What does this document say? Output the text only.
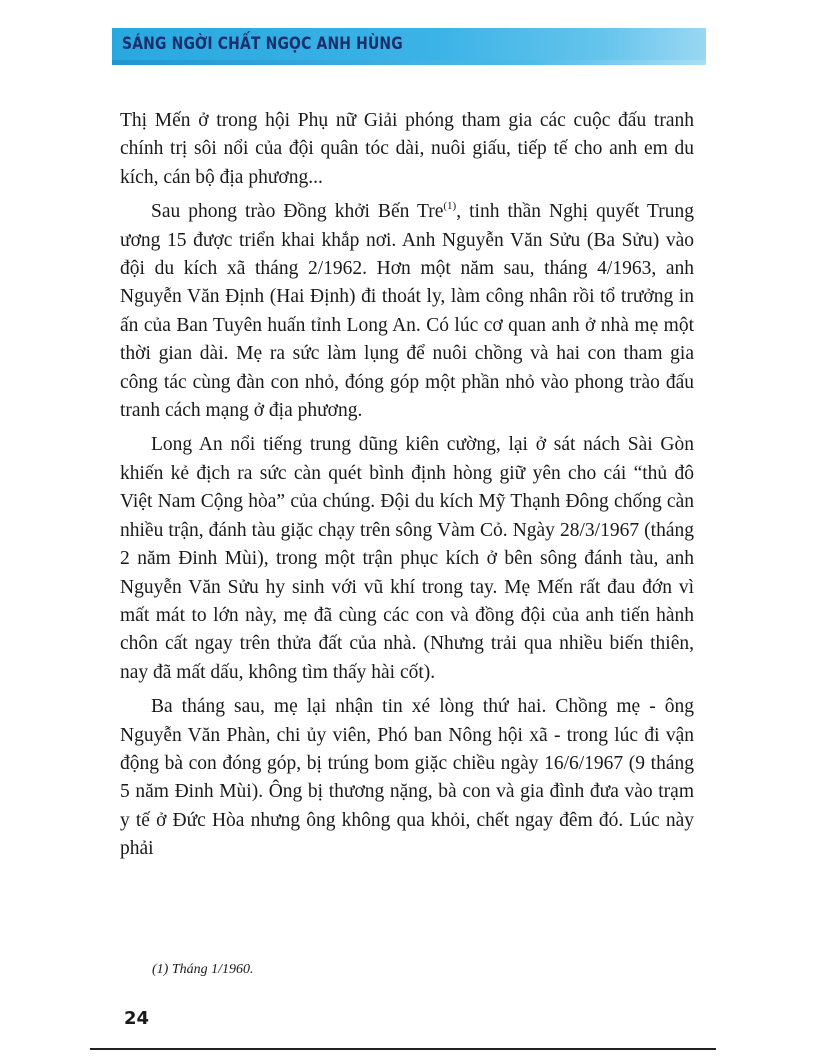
SÁNG NGỜI CHẤT NGỌC ANH HÙNG

Thị Mến ở trong hội Phụ nữ Giải phóng tham gia các cuộc đấu tranh chính trị sôi nổi của đội quân tóc dài, nuôi giấu, tiếp tế cho anh em du kích, cán bộ địa phương...

Sau phong trào Đồng khởi Bến Tre$^{(1)}$, tinh thần Nghị quyết Trung ương 15 được triển khai khắp nơi. Anh Nguyễn Văn Sửu (Ba Sửu) vào đội du kích xã tháng 2/1962. Hơn một năm sau, tháng 4/1963, anh Nguyễn Văn Định (Hai Định) đi thoát ly, làm công nhân rồi tổ trưởng in ấn của Ban Tuyên huấn tỉnh Long An. Có lúc cơ quan anh ở nhà mẹ một thời gian dài. Mẹ ra sức làm lụng để nuôi chồng và hai con tham gia công tác cùng đàn con nhỏ, đóng góp một phần nhỏ vào phong trào đấu tranh cách mạng ở địa phương.

Long An nổi tiếng trung dũng kiên cường, lại ở sát nách Sài Gòn khiến kẻ địch ra sức càn quét bình định hòng giữ yên cho cái “thủ đô Việt Nam Cộng hòa” của chúng. Đội du kích Mỹ Thạnh Đông chống càn nhiều trận, đánh tàu giặc chạy trên sông Vàm Cỏ. Ngày 28/3/1967 (tháng 2 năm Đinh Mùi), trong một trận phục kích ở bên sông đánh tàu, anh Nguyễn Văn Sửu hy sinh với vũ khí trong tay. Mẹ Mến rất đau đớn vì mất mát to lớn này, mẹ đã cùng các con và đồng đội của anh tiến hành chôn cất ngay trên thửa đất của nhà. (Nhưng trải qua nhiều biến thiên, nay đã mất dấu, không tìm thấy hài cốt).

Ba tháng sau, mẹ lại nhận tin xé lòng thứ hai. Chồng mẹ - ông Nguyễn Văn Phàn, chi ủy viên, Phó ban Nông hội xã - trong lúc đi vận động bà con đóng góp, bị trúng bom giặc chiều ngày 16/6/1967 (9 tháng 5 năm Đinh Mùi). Ông bị thương nặng, bà con và gia đình đưa vào trạm y tế ở Đức Hòa nhưng ông không qua khỏi, chết ngay đêm đó. Lúc này phải

(1) Tháng 1/1960.
24
